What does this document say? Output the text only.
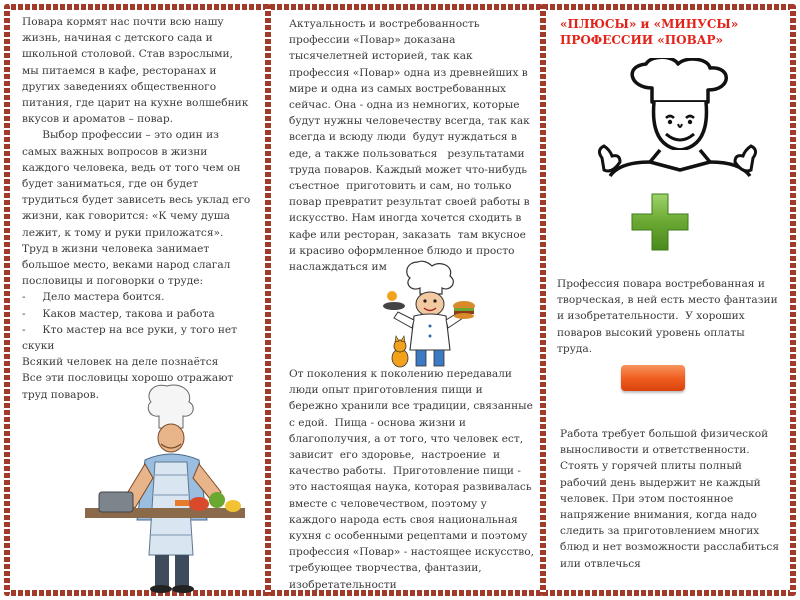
Повара кормят нас почти всю нашу
жизнь, начиная с детского сада и
школьной столовой. Став взрослыми,
мы питаемся в кафе, ресторанах и
других заведениях общественного
питания, где царит на кухне волшебник
вкусов и ароматов – повар.
Выбор профессии – это один из
самых важных вопросов в жизни
каждого человека, ведь от того чем он
будет заниматься, где он будет
трудиться будет зависеть весь уклад его
жизни, как говорится: «К чему душа
лежит, к тому и руки приложатся».
Труд в жизни человека занимает
большое место, веками народ слагал
пословицы и поговорки о труде:
-     Дело мастера боится.
-     Каков мастер, такова и работа
-     Кто мастер на все руки, у того нет
скуки
Всякий человек на деле познаётся
Все эти пословицы хорошо отражают
труд поваров.

Актуальность и востребованность
профессии «Повар» доказана
тысячелетней историей, так как
профессия «Повар» одна из древнейших в
мире и одна из самых востребованных
сейчас. Она - одна из немногих, которые
будут нужны человечеству всегда, так как
всегда и всюду люди  будут нуждаться в
еде, а также пользоваться   результатами
труда поваров. Каждый может что-нибудь
съестное  приготовить и сам, но только
повар превратит результат своей работы в
искусство. Нам иногда хочется сходить в
кафе или ресторан, заказать  там вкусное
и красиво оформленное блюдо и просто
наслаждаться им

От поколения к поколению передавали
люди опыт приготовления пищи и
бережно хранили все традиции, связанные
с едой.  Пища - основа жизни и
благополучия, а от того, что человек ест,
зависит  его здоровье,  настроение  и
качество работы.  Приготовление пищи -
это настоящая наука, которая развивалась
вместе с человечеством, поэтому у
каждого народа есть своя национальная
кухня с особенными рецептами и поэтому
профессия «Повар» - настоящее искусство,
требующее творчества, фантазии,
изобретательности

«ПЛЮСЫ» и «МИНУСЫ»
ПРОФЕССИИ «ПОВАР»

Профессия повара востребованная и
творческая, в ней есть место фантазии
и изобретательности.  У хороших
поваров высокий уровень оплаты
труда.

Работа требует большой физической
выносливости и ответственности.
Стоять у горячей плиты полный
рабочий день выдержит не каждый
человек. При этом постоянное
напряжение внимания, когда надо
следить за приготовлением многих
блюд и нет возможности расслабиться
или отвлечься
